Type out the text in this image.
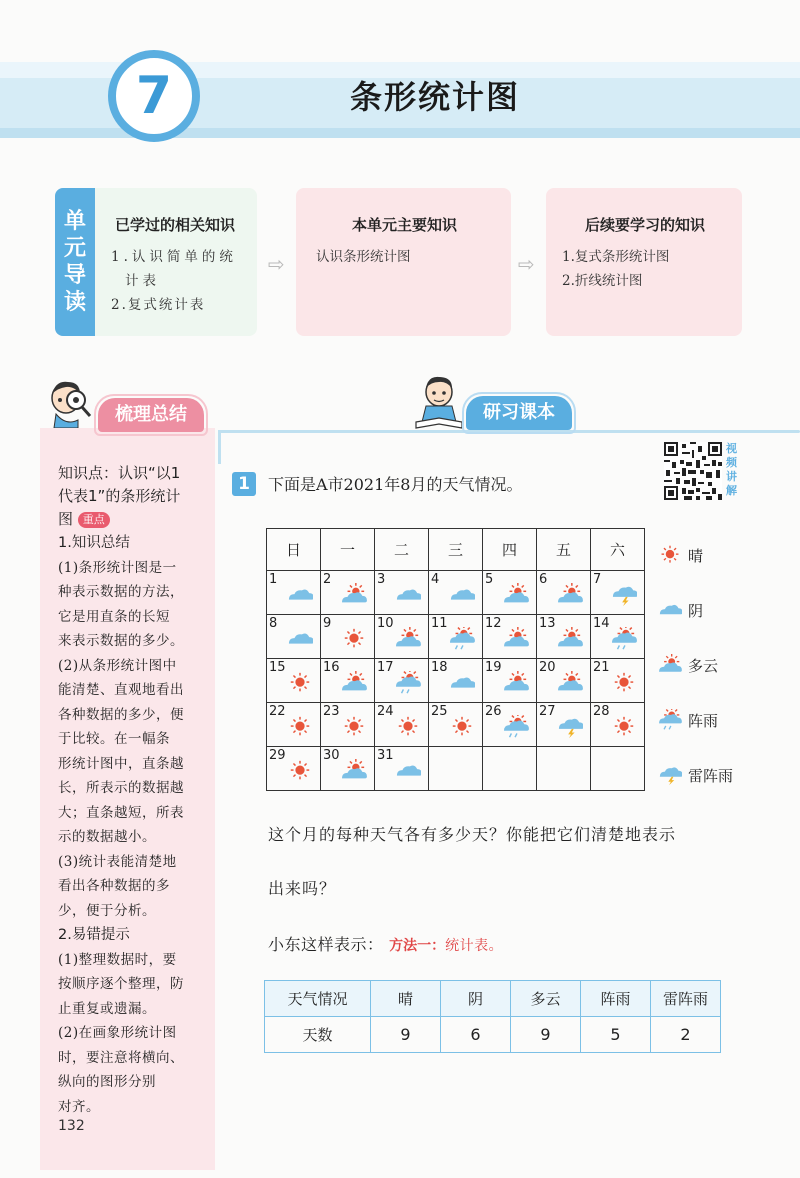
7	条形统计图
单
元
导
读
已学过的相关知识

1.认识简单的统

计表

2.复式统计表

⇨
本单元主要知识

认识条形统计图	⇨
后续要学习的知识

1.复式条形统计图

2.折线统计图

梳理总结
知识点：认识“以1
代表1”的条形统计
图 重点
1.知识总结
(1)条形统计图是一
种表示数据的方法，
它是用直条的长短
来表示数据的多少。
(2)从条形统计图中
能清楚、直观地看出
各种数据的多少，便
于比较。在一幅条
形统计图中，直条越
长，所表示的数据越
大；直条越短，所表
示的数据越小。
(3)统计表能清楚地
看出各种数据的多
少，便于分析。
2.易错提示
(1)整理数据时，要
按顺序逐个整理，防
止重复或遗漏。
(2)在画象形统计图
时，要注意将横向、
纵向的图形分别
对齐。
132
研习课本
视
频
讲
解
1	下面是A市2021年8月的天气情况。
日	一	二	三	四	五	六

1	2	3	4	5	6	7

8	9	10	11	12	13	14

15	16	17	18	19	20	21

22	23	24	25	26	27	28

29	30	31				

晴
阴
多云
阵雨
雷阵雨
这个月的每种天气各有多少天？你能把它们清楚地表示
出来吗？
小东这样表示： 方法一：统计表。
天气情况	晴	阴	多云	阵雨	雷阵雨
天数	9	6	9	5	2
